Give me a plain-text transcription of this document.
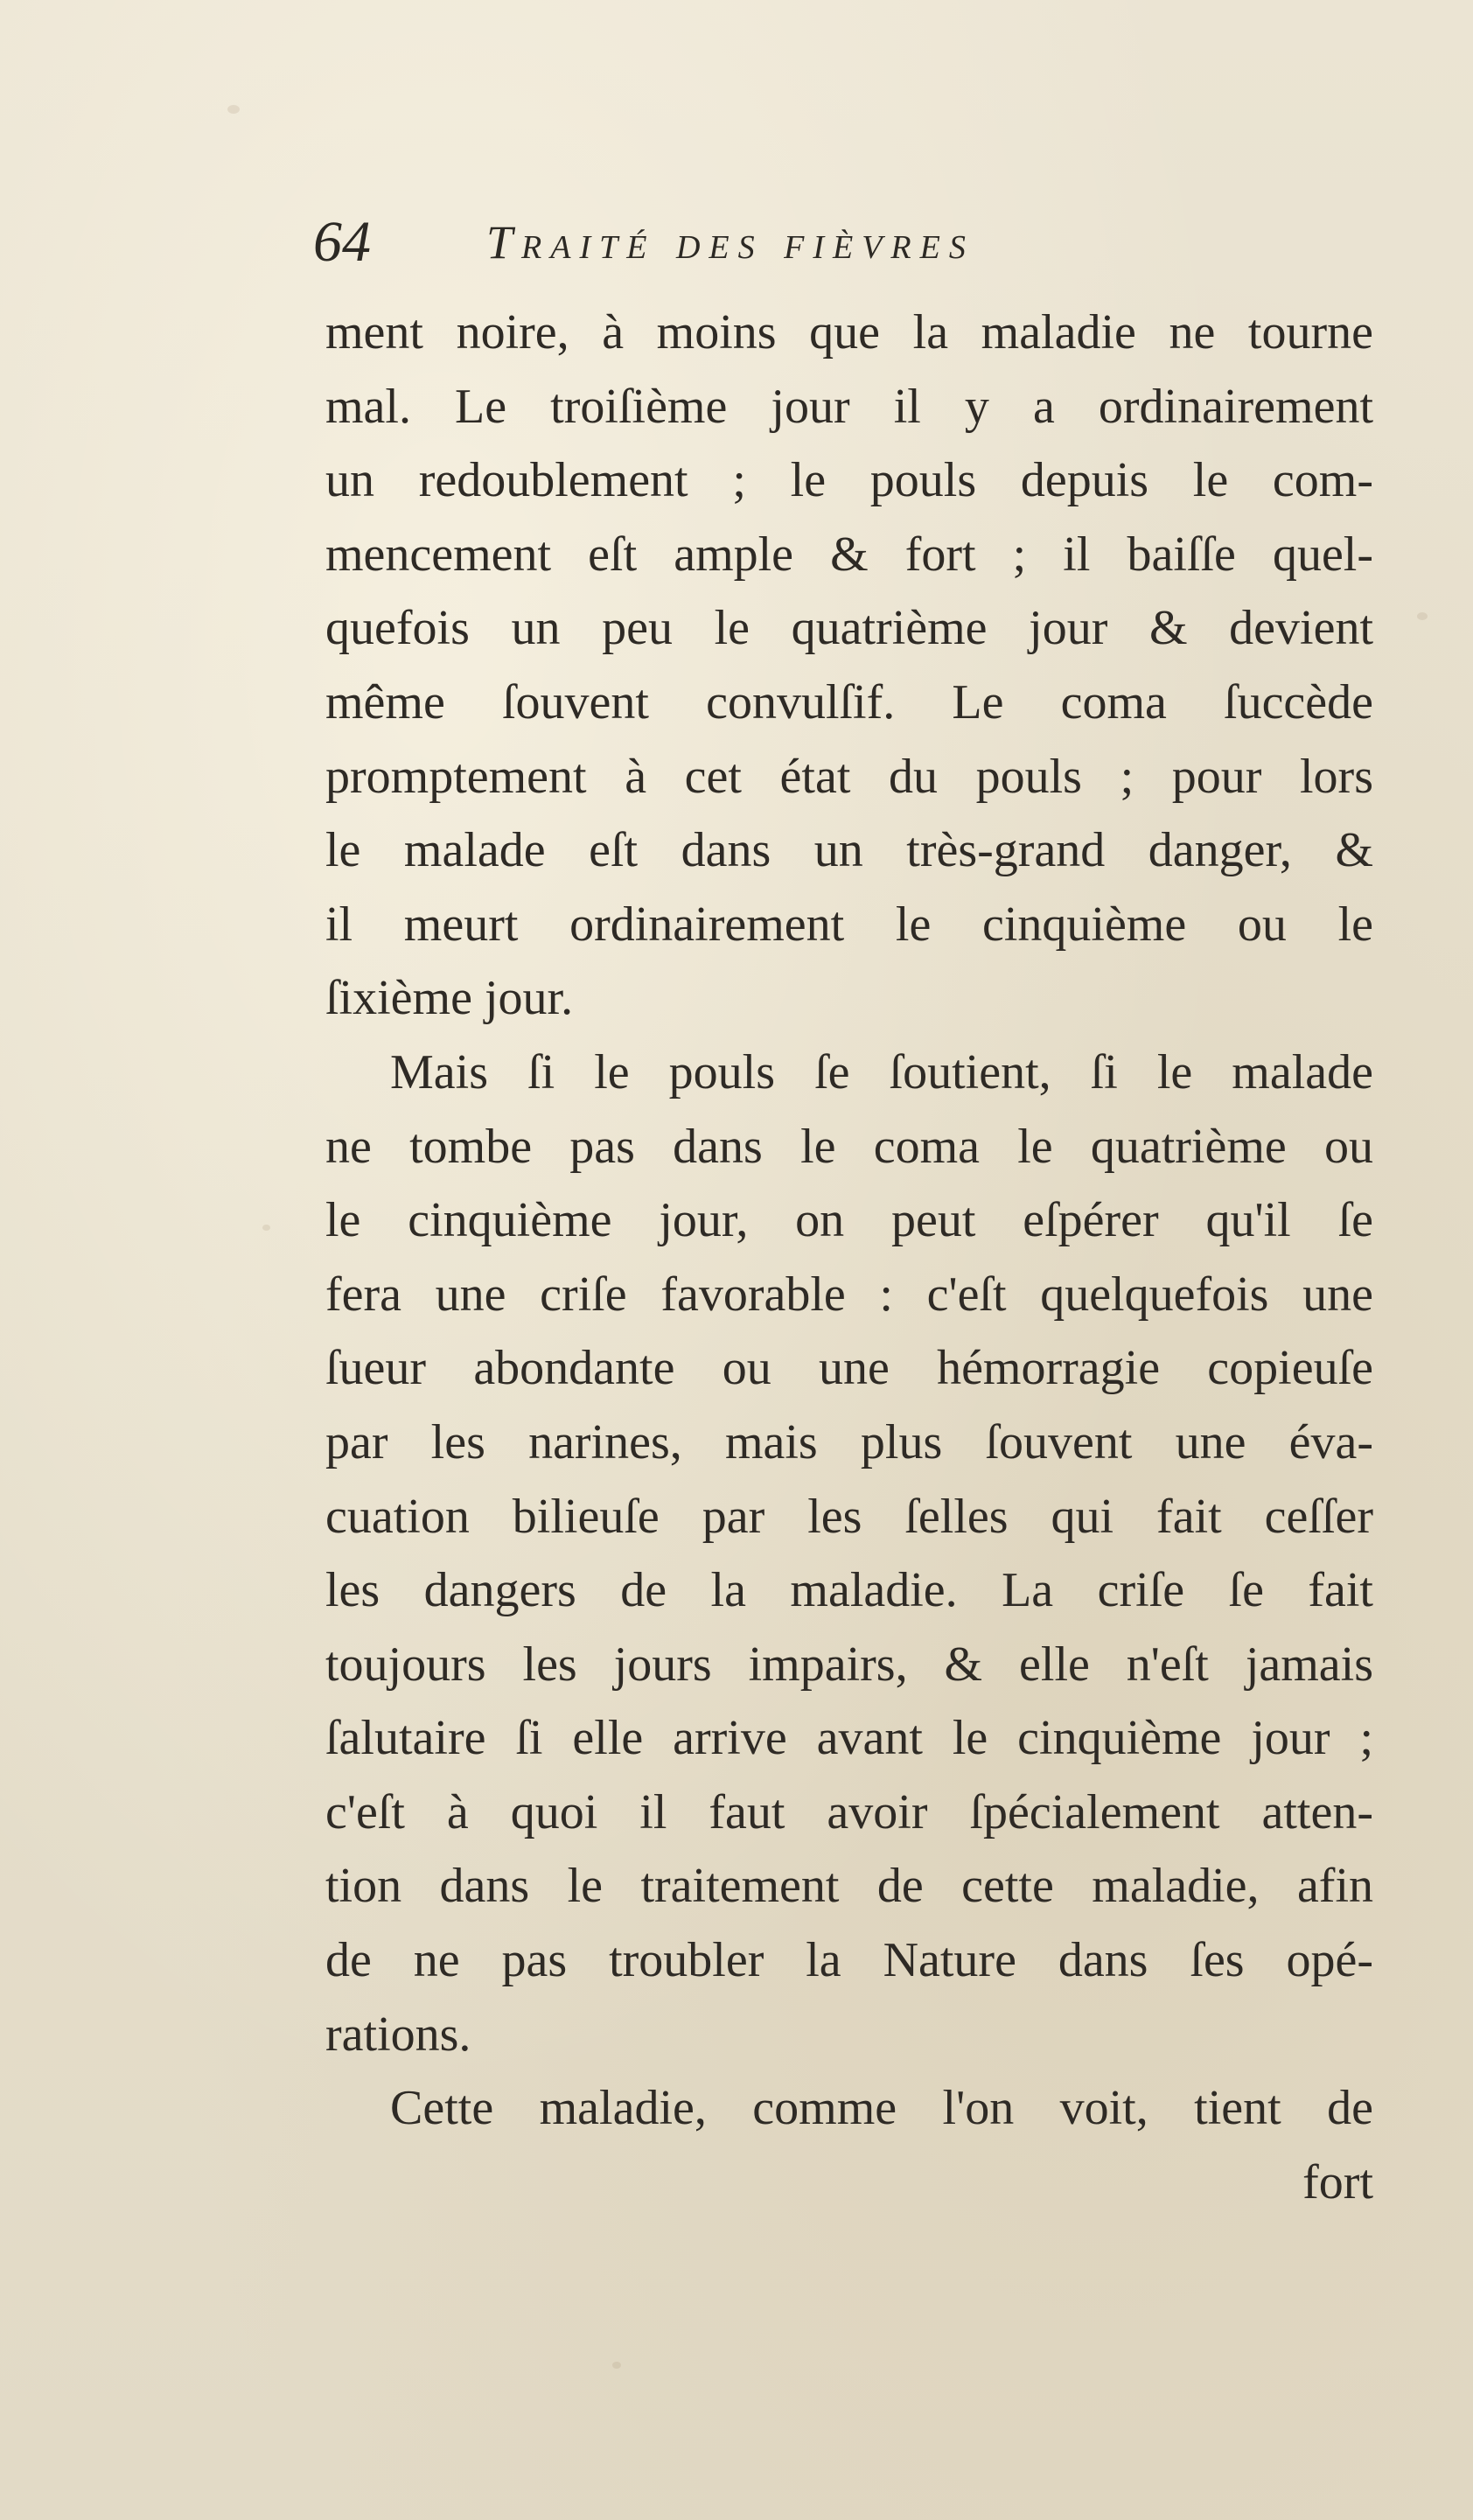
64 Traité des fièvres
ment noire, à moins que la maladie ne tourne
mal. Le troiſième jour il y a ordinairement
un redoublement ; le pouls depuis le com-
mencement eſt ample & fort ; il baiſſe quel-
quefois un peu le quatrième jour & devient
même ſouvent convulſif. Le coma ſuccède
promptement à cet état du pouls ; pour lors
le malade eſt dans un très-grand danger, &
il meurt ordinairement le cinquième ou le
ſixième jour.
Mais ſi le pouls ſe ſoutient, ſi le malade
ne tombe pas dans le coma le quatrième ou
le cinquième jour, on peut eſpérer qu'il ſe
fera une criſe favorable : c'eſt quelquefois une
ſueur abondante ou une hémorragie copieuſe
par les narines, mais plus ſouvent une éva-
cuation bilieuſe par les ſelles qui fait ceſſer
les dangers de la maladie. La criſe ſe fait
toujours les jours impairs, & elle n'eſt jamais
ſalutaire ſi elle arrive avant le cinquième jour ;
c'eſt à quoi il faut avoir ſpécialement atten-
tion dans le traitement de cette maladie, afin
de ne pas troubler la Nature dans ſes opé-
rations.
Cette maladie, comme l'on voit, tient de
fort
